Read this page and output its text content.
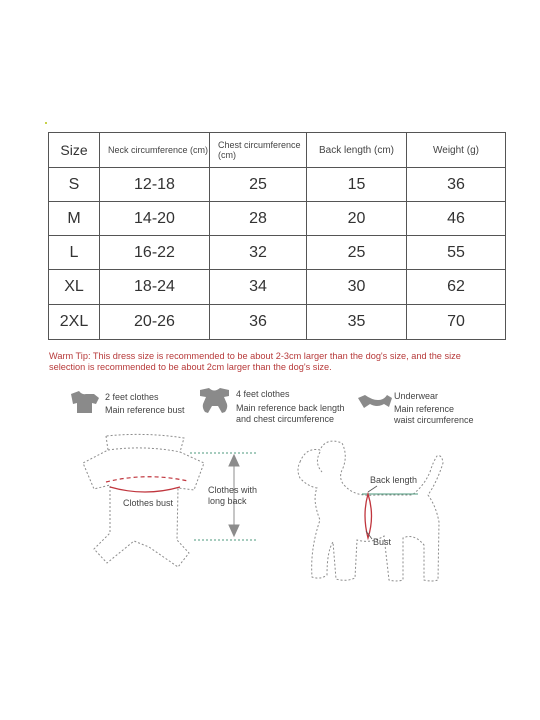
Size	Neck circumference (cm)	Chest circumference (cm)	Back length (cm)	Weight (g)
S	12-18	25	15	36
M	14-20	28	20	46
L	16-22	32	25	55
XL	18-24	34	30	62
2XL	20-26	36	35	70
Warm Tip: This dress size is recommended to be about 2-3cm larger than the dog's size, and the size selection is recommended to be about 2cm larger than the dog's size.
2 feet clothes
Main reference bust
4 feet clothes
Main reference back length and chest circumference
Underwear
Main reference waist circumference
Clothes bust
Clothes with long back
Back length
Bust
